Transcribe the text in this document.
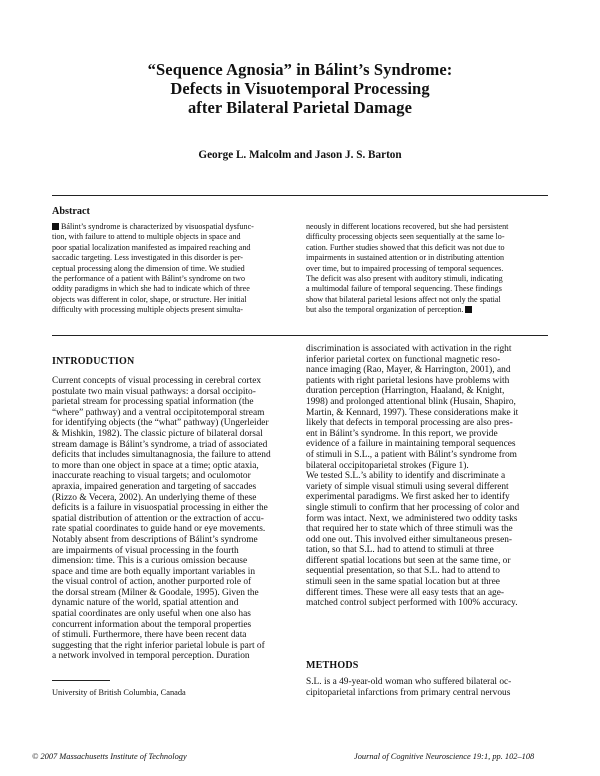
“Sequence Agnosia” in Bálint’s Syndrome:
Defects in Visuotemporal Processing
after Bilateral Parietal Damage
George L. Malcolm and Jason J. S. Barton
Abstract
Bálint’s syndrome is characterized by visuospatial dysfunc-
tion, with failure to attend to multiple objects in space and
poor spatial localization manifested as impaired reaching and
saccadic targeting. Less investigated in this disorder is per-
ceptual processing along the dimension of time. We studied
the performance of a patient with Bálint’s syndrome on two
oddity paradigms in which she had to indicate which of three
objects was different in color, shape, or structure. Her initial
difficulty with processing multiple objects present simulta-
neously in different locations recovered, but she had persistent
difficulty processing objects seen sequentially at the same lo-
cation. Further studies showed that this deficit was not due to
impairments in sustained attention or in distributing attention
over time, but to impaired processing of temporal sequences.
The deficit was also present with auditory stimuli, indicating
a multimodal failure of temporal sequencing. These findings
show that bilateral parietal lesions affect not only the spatial
but also the temporal organization of perception.
INTRODUCTION
Current concepts of visual processing in cerebral cortex
postulate two main visual pathways: a dorsal occipito-
parietal stream for processing spatial information (the
“where” pathway) and a ventral occipitotemporal stream
for identifying objects (the “what” pathway) (Ungerleider
& Mishkin, 1982). The classic picture of bilateral dorsal
stream damage is Bálint’s syndrome, a triad of associated
deficits that includes simultanagnosia, the failure to attend
to more than one object in space at a time; optic ataxia,
inaccurate reaching to visual targets; and oculomotor
apraxia, impaired generation and targeting of saccades
(Rizzo & Vecera, 2002). An underlying theme of these
deficits is a failure in visuospatial processing in either the
spatial distribution of attention or the extraction of accu-
rate spatial coordinates to guide hand or eye movements.
Notably absent from descriptions of Bálint’s syndrome
are impairments of visual processing in the fourth
dimension: time. This is a curious omission because
space and time are both equally important variables in
the visual control of action, another purported role of
the dorsal stream (Milner & Goodale, 1995). Given the
dynamic nature of the world, spatial attention and
spatial coordinates are only useful when one also has
concurrent information about the temporal properties
of stimuli. Furthermore, there have been recent data
suggesting that the right inferior parietal lobule is part of
a network involved in temporal perception. Duration
discrimination is associated with activation in the right
inferior parietal cortex on functional magnetic reso-
nance imaging (Rao, Mayer, & Harrington, 2001), and
patients with right parietal lesions have problems with
duration perception (Harrington, Haaland, & Knight,
1998) and prolonged attentional blink (Husain, Shapiro,
Martin, & Kennard, 1997). These considerations make it
likely that defects in temporal processing are also pres-
ent in Bálint’s syndrome. In this report, we provide
evidence of a failure in maintaining temporal sequences
of stimuli in S.L., a patient with Bálint’s syndrome from
bilateral occipitoparietal strokes (Figure 1).
We tested S.L.’s ability to identify and discriminate a
variety of simple visual stimuli using several different
experimental paradigms. We first asked her to identify
single stimuli to confirm that her processing of color and
form was intact. Next, we administered two oddity tasks
that required her to state which of three stimuli was the
odd one out. This involved either simultaneous presen-
tation, so that S.L. had to attend to stimuli at three
different spatial locations but seen at the same time, or
sequential presentation, so that S.L. had to attend to
stimuli seen in the same spatial location but at three
different times. These were all easy tests that an age-
matched control subject performed with 100% accuracy.
METHODS
S.L. is a 49-year-old woman who suffered bilateral oc-
cipitoparietal infarctions from primary central nervous
University of British Columbia, Canada
© 2007 Massachusetts Institute of Technology	Journal of Cognitive Neuroscience 19:1, pp. 102–108
